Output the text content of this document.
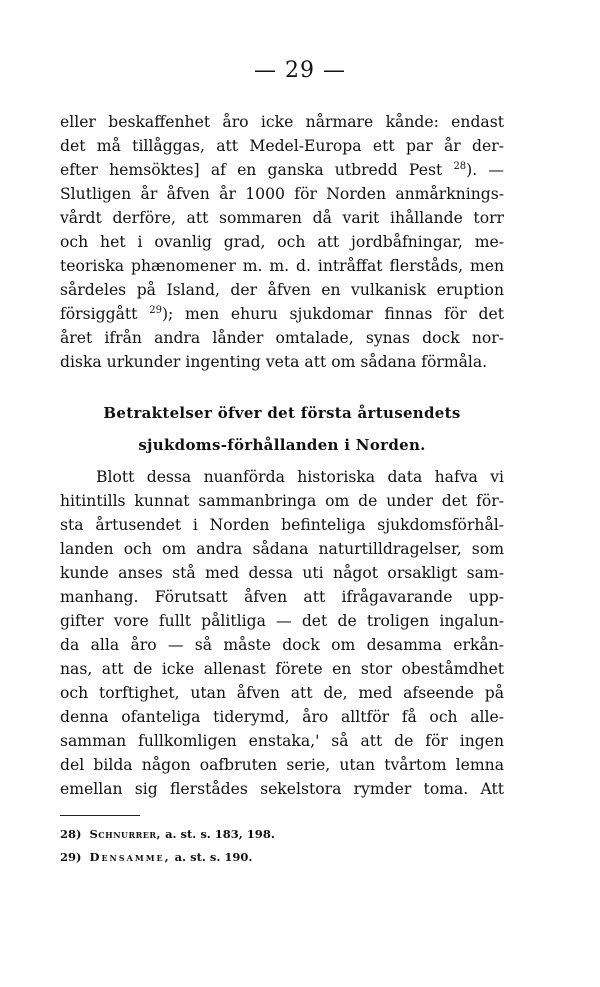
— 29 —
eller beskaffenhet åro icke nårmare kånde: endast
det må tillåggas, att Medel-Europa ett par år der-
efter hemsöktes] af en ganska utbredd Pest $^{28}$). —
Slutligen år åfven år 1000 för Norden anmårknings-
vårdt derföre, att sommaren då varit ihållande torr
och het i ovanlig grad, och att jordbåfningar, me-
teoriska phænomener m. m. d. intråffat flerståds, men
sårdeles på Island, der åfven en vulkanisk eruption
försiggått $^{29}$); men ehuru sjukdomar finnas för det
året ifrån andra lånder omtalade, synas dock nor-
diska urkunder ingenting veta att om sådana förmåla.
Betraktelser öfver det första årtusendets
sjukdoms-förhållanden i Norden.
Blott dessa nuanförda historiska data hafva vi
hitintills kunnat sammanbringa om de under det för-
sta årtusendet i Norden befinteliga sjukdomsförhål-
landen och om andra sådana naturtilldragelser, som
kunde anses stå med dessa uti något orsakligt sam-
manhang. Förutsatt åfven att ifrågavarande upp-
gifter vore fullt pålitliga — det de troligen ingalun-
da alla åro — så måste dock om desamma erkån-
nas, att de icke allenast förete en stor obeståmdhet
och torftighet, utan åfven att de, med afseende på
denna ofanteliga tiderymd, åro alltför få och alle-
samman fullkomligen enstaka,' så att de för ingen
del bilda någon oafbruten serie, utan tvårtom lemna
emellan sig flerstådes sekelstora rymder toma. Att
28) Schnurrer, a. st. s. 183, 198.
29) Densamme, a. st. s. 190.
